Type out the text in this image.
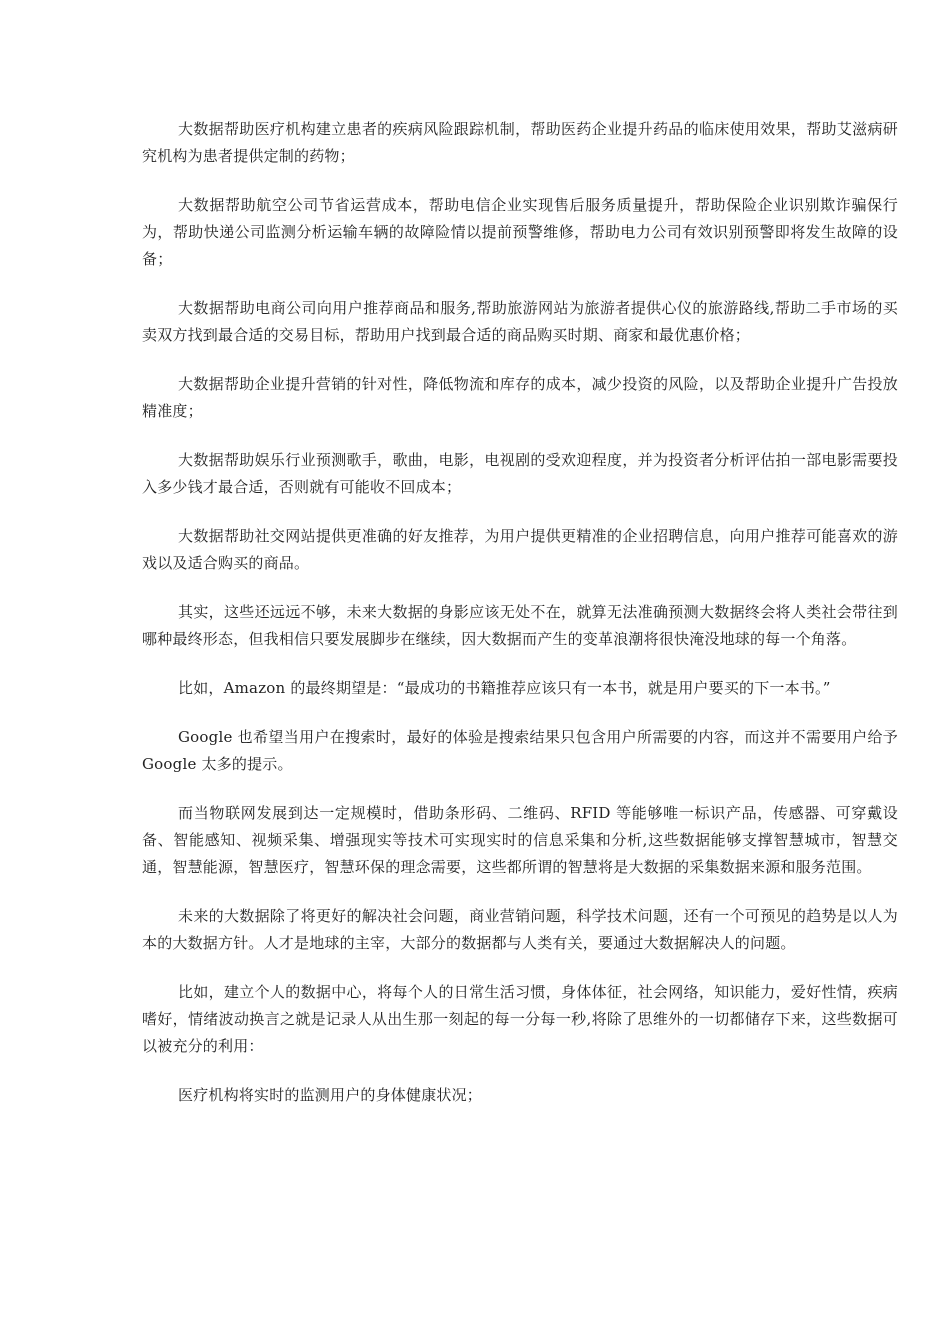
大数据帮助医疗机构建立患者的疾病风险跟踪机制，帮助医药企业提升药品的临床使用效果，帮助艾滋病研究机构为患者提供定制的药物；

大数据帮助航空公司节省运营成本，帮助电信企业实现售后服务质量提升，帮助保险企业识别欺诈骗保行为，帮助快递公司监测分析运输车辆的故障险情以提前预警维修，帮助电力公司有效识别预警即将发生故障的设备；

大数据帮助电商公司向用户推荐商品和服务,帮助旅游网站为旅游者提供心仪的旅游路线,帮助二手市场的买卖双方找到最合适的交易目标，帮助用户找到最合适的商品购买时期、商家和最优惠价格；

大数据帮助企业提升营销的针对性，降低物流和库存的成本，减少投资的风险，以及帮助企业提升广告投放精准度；

大数据帮助娱乐行业预测歌手，歌曲，电影，电视剧的受欢迎程度，并为投资者分析评估拍一部电影需要投入多少钱才最合适，否则就有可能收不回成本；

大数据帮助社交网站提供更准确的好友推荐，为用户提供更精准的企业招聘信息，向用户推荐可能喜欢的游戏以及适合购买的商品。

其实，这些还远远不够，未来大数据的身影应该无处不在，就算无法准确预测大数据终会将人类社会带往到哪种最终形态，但我相信只要发展脚步在继续，因大数据而产生的变革浪潮将很快淹没地球的每一个角落。

比如，Amazon 的最终期望是：“最成功的书籍推荐应该只有一本书，就是用户要买的下一本书。”

Google 也希望当用户在搜索时，最好的体验是搜索结果只包含用户所需要的内容，而这并不需要用户给予 Google 太多的提示。

而当物联网发展到达一定规模时，借助条形码、二维码、RFID 等能够唯一标识产品，传感器、可穿戴设备、智能感知、视频采集、增强现实等技术可实现实时的信息采集和分析,这些数据能够支撑智慧城市，智慧交通，智慧能源，智慧医疗，智慧环保的理念需要，这些都所谓的智慧将是大数据的采集数据来源和服务范围。

未来的大数据除了将更好的解决社会问题，商业营销问题，科学技术问题，还有一个可预见的趋势是以人为本的大数据方针。人才是地球的主宰，大部分的数据都与人类有关，要通过大数据解决人的问题。

比如，建立个人的数据中心，将每个人的日常生活习惯，身体体征，社会网络，知识能力，爱好性情，疾病嗜好，情绪波动换言之就是记录人从出生那一刻起的每一分每一秒,将除了思维外的一切都储存下来，这些数据可以被充分的利用：

医疗机构将实时的监测用户的身体健康状况；
